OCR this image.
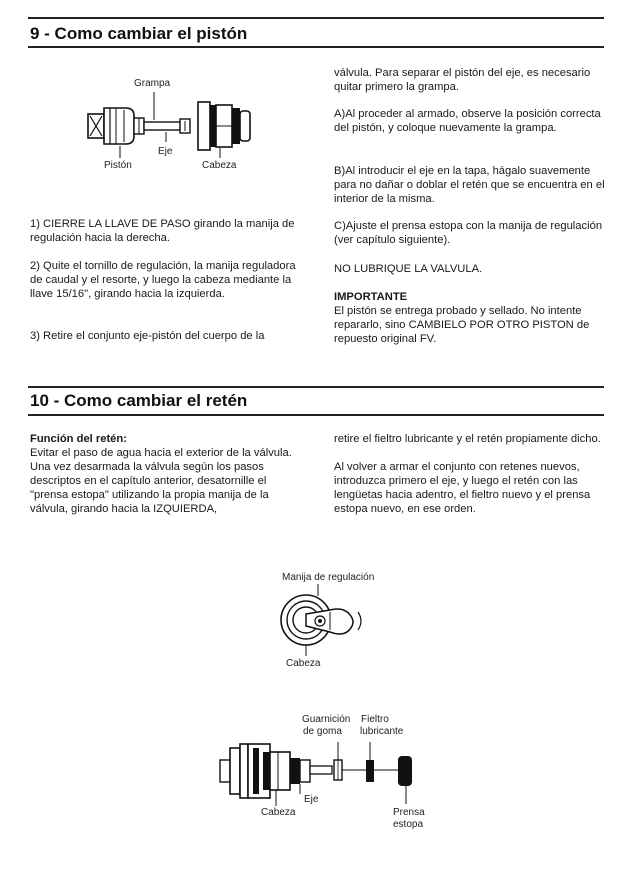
9 - Como cambiar el pistón
Grampa
Eje
Pistón	Cabeza

1) CIERRE LA LLAVE DE PASO girando la manija de regulación hacia la derecha.

2) Quite el tornillo de regulación, la manija reguladora de caudal y el resorte, y luego la cabeza mediante la llave 15/16", girando hacia la izquierda.

3) Retire el conjunto eje-pistón del cuerpo de la

válvula. Para separar el pistón del eje, es necesario quitar primero la grampa.

A)Al proceder al armado, observe la posición correcta del pistón, y coloque nuevamente la grampa.

B)Al introducir el eje en la tapa, hágalo suavemente para no dañar o doblar el retén que se encuentra en el interior de la misma.

C)Ajuste el prensa estopa con la manija de regulación (ver capítulo siguiente).

NO LUBRIQUE LA VALVULA.

IMPORTANTE

El pistón se entrega probado y sellado. No intente repararlo, sino CAMBIELO POR OTRO PISTON de repuesto original FV.

10 - Como cambiar el retén

Función del retén:

Evitar el paso de agua hacia el exterior de la válvula. Una vez desarmada la válvula según los pasos descriptos en el capítulo anterior, desatornille el "prensa estopa" utilizando la propia manija de la válvula, girando hacia la IZQUIERDA,

retire el fieltro lubricante y el retén propiamente dicho.

Al volver a armar el conjunto con retenes nuevos, introduzca primero el eje, y luego el retén con las lengüetas hacia adentro, el fieltro nuevo y el prensa estopa nuevo, en ese orden.

Manija de regulación
Cabeza
Guarnición
de goma
Fieltro
lubricante
Eje
Cabeza	Prensa
estopa
